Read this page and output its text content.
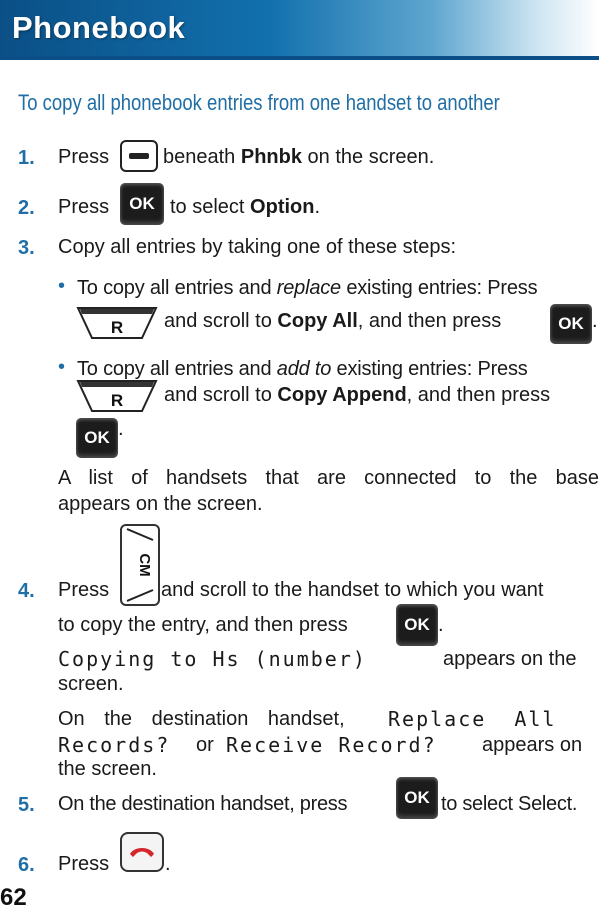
Phonebook
To copy all phonebook entries from one handset to another
1. Press	beneath Phnbk on the screen.
2. Press	OK to select Option.
3. Copy all entries by taking one of these steps:
• To copy all entries and replace existing entries: Press
R and scroll to Copy All, and then press	OK .
• To copy all entries and add to existing entries: Press
R and scroll to Copy Append, and then press
OK .
A list of handsets that are connected to the base
appears on the screen.
CM
4. Press	and scroll to the handset to which you want
to copy the entry, and then press	OK .
Copying to Hs (number)	appears on the
screen.
On the destination handset, Replace All
Records? or Receive Record? appears on
the screen.
5. On the destination handset, press	OK to select Select.
6. Press	.
62
